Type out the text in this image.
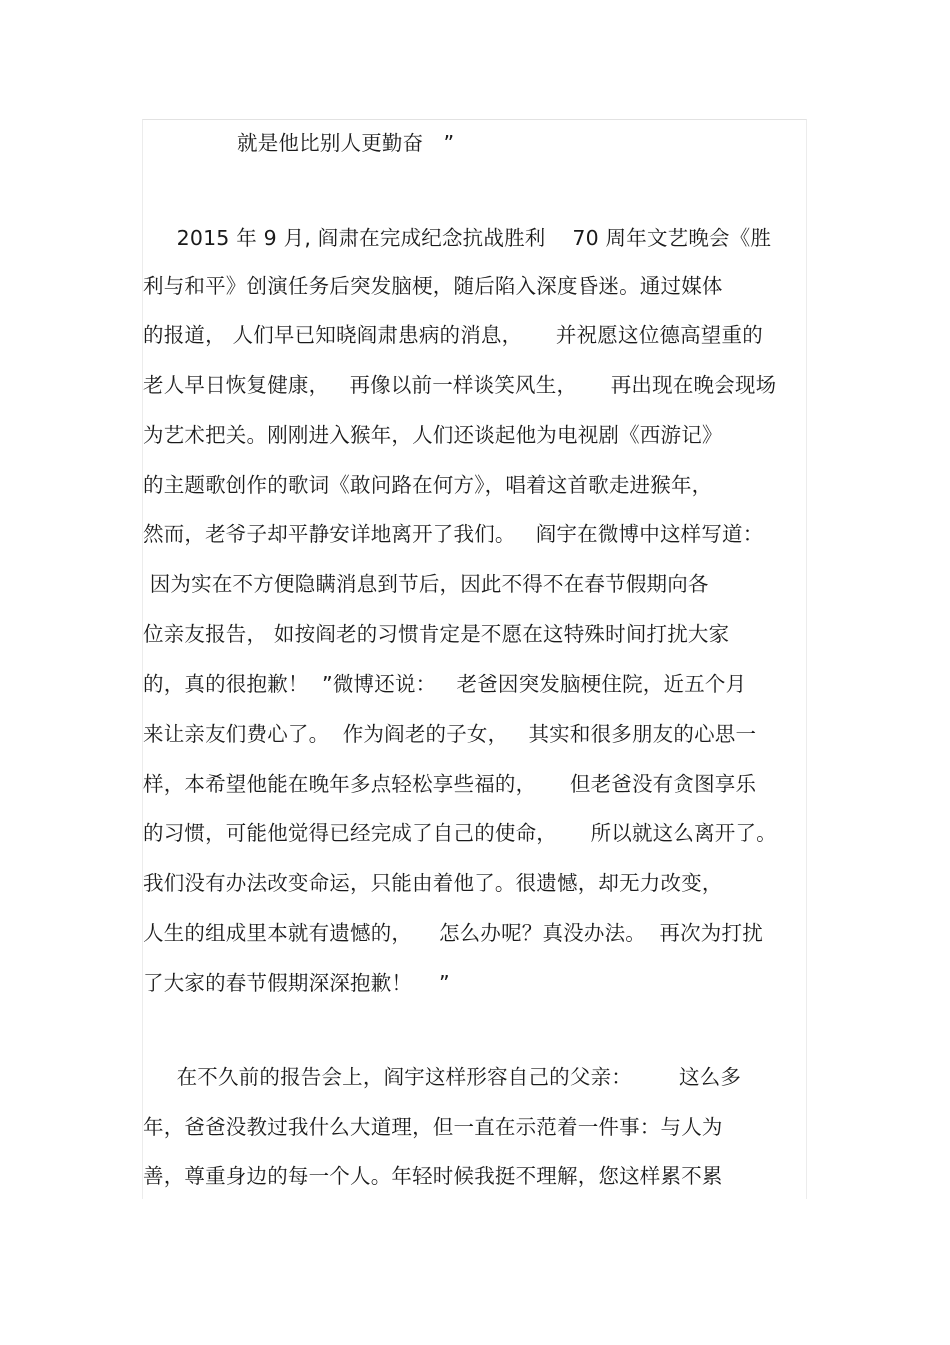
就是他比别人更勤奋   ”
2015 年 9 月, 阎肃在完成纪念抗战胜利    70 周年文艺晚会《胜
利与和平》创演任务后突发脑梗，随后陷入深度昏迷。通过媒体
的报道， 人们早已知晓阎肃患病的消息，     并祝愿这位德高望重的
老人早日恢复健康，   再像以前一样谈笑风生，     再出现在晚会现场
为艺术把关。刚刚进入猴年，人们还谈起他为电视剧《西游记》
的主题歌创作的歌词《敢问路在何方》，唱着这首歌走进猴年，
然而，老爷子却平静安详地离开了我们。   阎宇在微博中这样写道：
因为实在不方便隐瞒消息到节后，因此不得不在春节假期向各
位亲友报告， 如按阎老的习惯肯定是不愿在这特殊时间打扰大家
的，真的很抱歉！  ”微博还说：   老爸因突发脑梗住院，近五个月
来让亲友们费心了。  作为阎老的子女，   其实和很多朋友的心思一
样，本希望他能在晚年多点轻松享些福的，     但老爸没有贪图享乐
的习惯，可能他觉得已经完成了自己的使命，     所以就这么离开了。
我们没有办法改变命运，只能由着他了。很遗憾，却无力改变，
人生的组成里本就有遗憾的，    怎么办呢？真没办法。  再次为打扰
了大家的春节假期深深抱歉！    ”
在不久前的报告会上，阎宇这样形容自己的父亲：       这么多
年，爸爸没教过我什么大道理，但一直在示范着一件事：与人为
善，尊重身边的每一个人。年轻时候我挺不理解，您这样累不累
